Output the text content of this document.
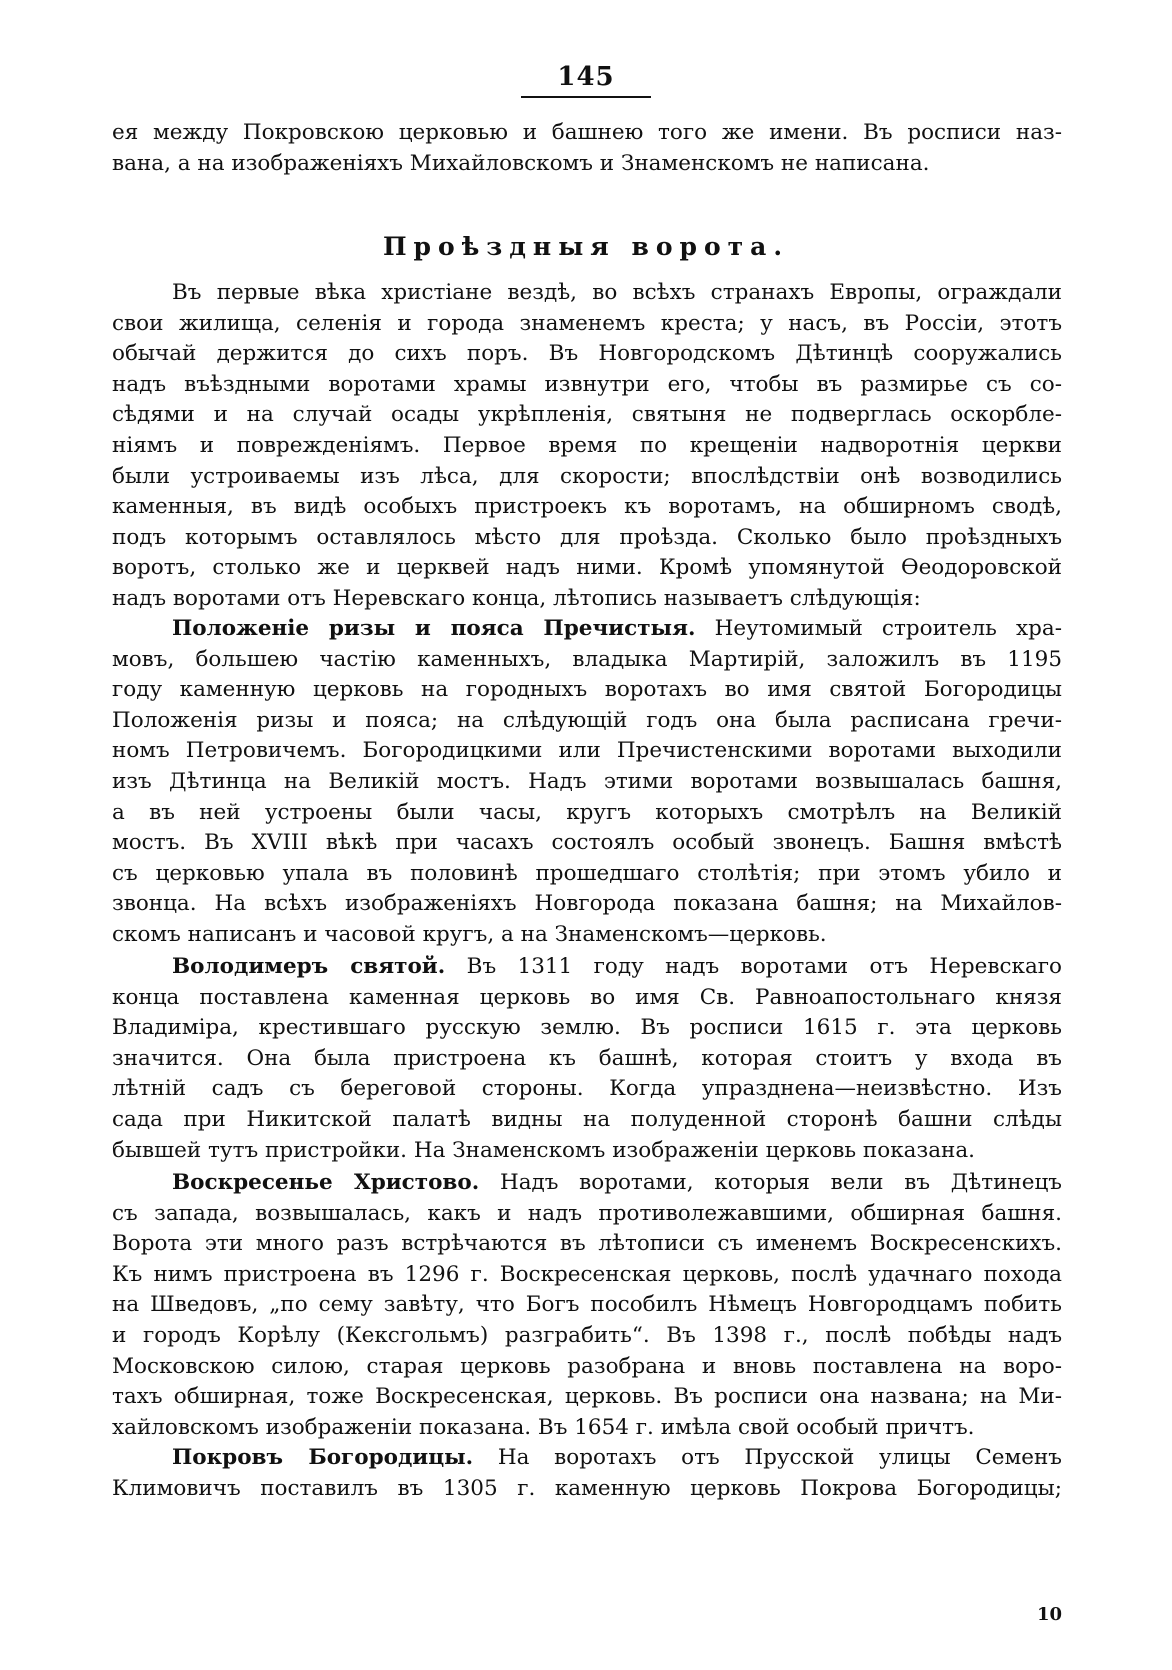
145
ея между Покровскою церковью и башнею того же имени. Въ росписи наз-
вана, а на изображеніяхъ Михайловскомъ и Знаменскомъ не написана.
Проѣздныя ворота.
Въ первые вѣка христіане вездѣ, во всѣхъ странахъ Европы, ограждали
свои жилища, селенія и города знаменемъ креста; у насъ, въ Россіи, этотъ
обычай держится до сихъ поръ. Въ Новгородскомъ Дѣтинцѣ сооружались
надъ въѣздными воротами храмы извнутри его, чтобы въ размирье съ со-
сѣдями и на случай осады укрѣпленія, святыня не подверглась оскорбле-
ніямъ и поврежденіямъ. Первое время по крещеніи надворотнія церкви
были устроиваемы изъ лѣса, для скорости; впослѣдствіи онѣ возводились
каменныя, въ видѣ особыхъ пристроекъ къ воротамъ, на обширномъ сводѣ,
подъ которымъ оставлялось мѣсто для проѣзда. Сколько было проѣздныхъ
воротъ, столько же и церквей надъ ними. Кромѣ упомянутой Ѳеодоровской
надъ воротами отъ Неревскаго конца, лѣтопись называетъ слѣдующія:
Положеніе ризы и пояса Пречистыя. Неутомимый строитель хра-
мовъ, большею частію каменныхъ, владыка Мартирій, заложилъ въ 1195
году каменную церковь на городныхъ воротахъ во имя святой Богородицы
Положенія ризы и пояса; на слѣдующій годъ она была расписана гречи-
номъ Петровичемъ. Богородицкими или Пречистенскими воротами выходили
изъ Дѣтинца на Великій мостъ. Надъ этими воротами возвышалась башня,
а въ ней устроены были часы, кругъ которыхъ смотрѣлъ на Великій
мостъ. Въ XVIII вѣкѣ при часахъ состоялъ особый звонецъ. Башня вмѣстѣ
съ церковью упала въ половинѣ прошедшаго столѣтія; при этомъ убило и
звонца. На всѣхъ изображеніяхъ Новгорода показана башня; на Михайлов-
скомъ написанъ и часовой кругъ, а на Знаменскомъ—церковь.
Володимеръ святой. Въ 1311 году надъ воротами отъ Неревскаго
конца поставлена каменная церковь во имя Св. Равноапостольнаго князя
Владиміра, крестившаго русскую землю. Въ росписи 1615 г. эта церковь
значится. Она была пристроена къ башнѣ, которая стоитъ у входа въ
лѣтній садъ съ береговой стороны. Когда упразднена—неизвѣстно. Изъ
сада при Никитской палатѣ видны на полуденной сторонѣ башни слѣды
бывшей тутъ пристройки. На Знаменскомъ изображеніи церковь показана.
Воскресенье Христово. Надъ воротами, которыя вели въ Дѣтинецъ
съ запада, возвышалась, какъ и надъ противолежавшими, обширная башня.
Ворота эти много разъ встрѣчаются въ лѣтописи съ именемъ Воскресенскихъ.
Къ нимъ пристроена въ 1296 г. Воскресенская церковь, послѣ удачнаго похода
на Шведовъ, „по сему завѣту, что Богъ пособилъ Нѣмецъ Новгородцамъ побить
и городъ Корѣлу (Кексгольмъ) разграбить“. Въ 1398 г., послѣ побѣды надъ
Московскою силою, старая церковь разобрана и вновь поставлена на воро-
тахъ обширная, тоже Воскресенская, церковь. Въ росписи она названа; на Ми-
хайловскомъ изображеніи показана. Въ 1654 г. имѣла свой особый причтъ.
Покровъ Богородицы. На воротахъ отъ Прусской улицы Семенъ
Климовичъ поставилъ въ 1305 г. каменную церковь Покрова Богородицы;
10
